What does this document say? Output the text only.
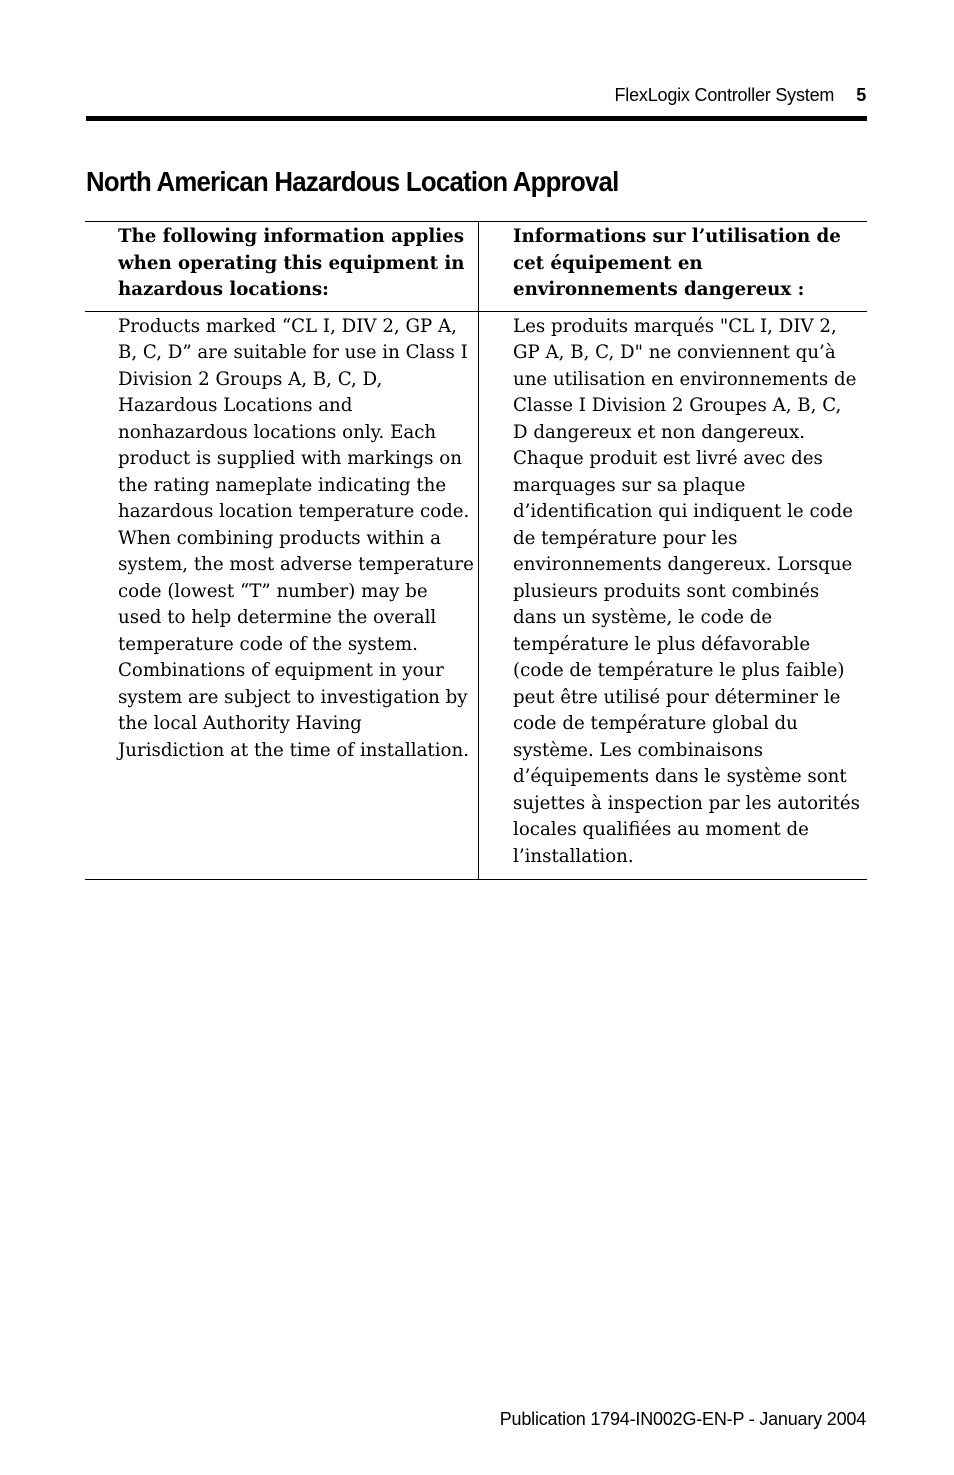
FlexLogix Controller System 5
North American Hazardous Location Approval
The following information applies
when operating this equipment in
hazardous locations:
Informations sur l’utilisation de
cet équipement en
environnements dangereux :
Products marked “CL I, DIV 2, GP A,
B, C, D” are suitable for use in Class I
Division 2 Groups A, B, C, D,
Hazardous Locations and
nonhazardous locations only. Each
product is supplied with markings on
the rating nameplate indicating the
hazardous location temperature code.
When combining products within a
system, the most adverse temperature
code (lowest “T” number) may be
used to help determine the overall
temperature code of the system.
Combinations of equipment in your
system are subject to investigation by
the local Authority Having
Jurisdiction at the time of installation.
Les produits marqués "CL I, DIV 2,
GP A, B, C, D" ne conviennent qu’à
une utilisation en environnements de
Classe I Division 2 Groupes A, B, C,
D dangereux et non dangereux.
Chaque produit est livré avec des
marquages sur sa plaque
d’identification qui indiquent le code
de température pour les
environnements dangereux. Lorsque
plusieurs produits sont combinés
dans un système, le code de
température le plus défavorable
(code de température le plus faible)
peut être utilisé pour déterminer le
code de température global du
système. Les combinaisons
d’équipements dans le système sont
sujettes à inspection par les autorités
locales qualifiées au moment de
l’installation.
Publication 1794-IN002G-EN-P - January 2004
